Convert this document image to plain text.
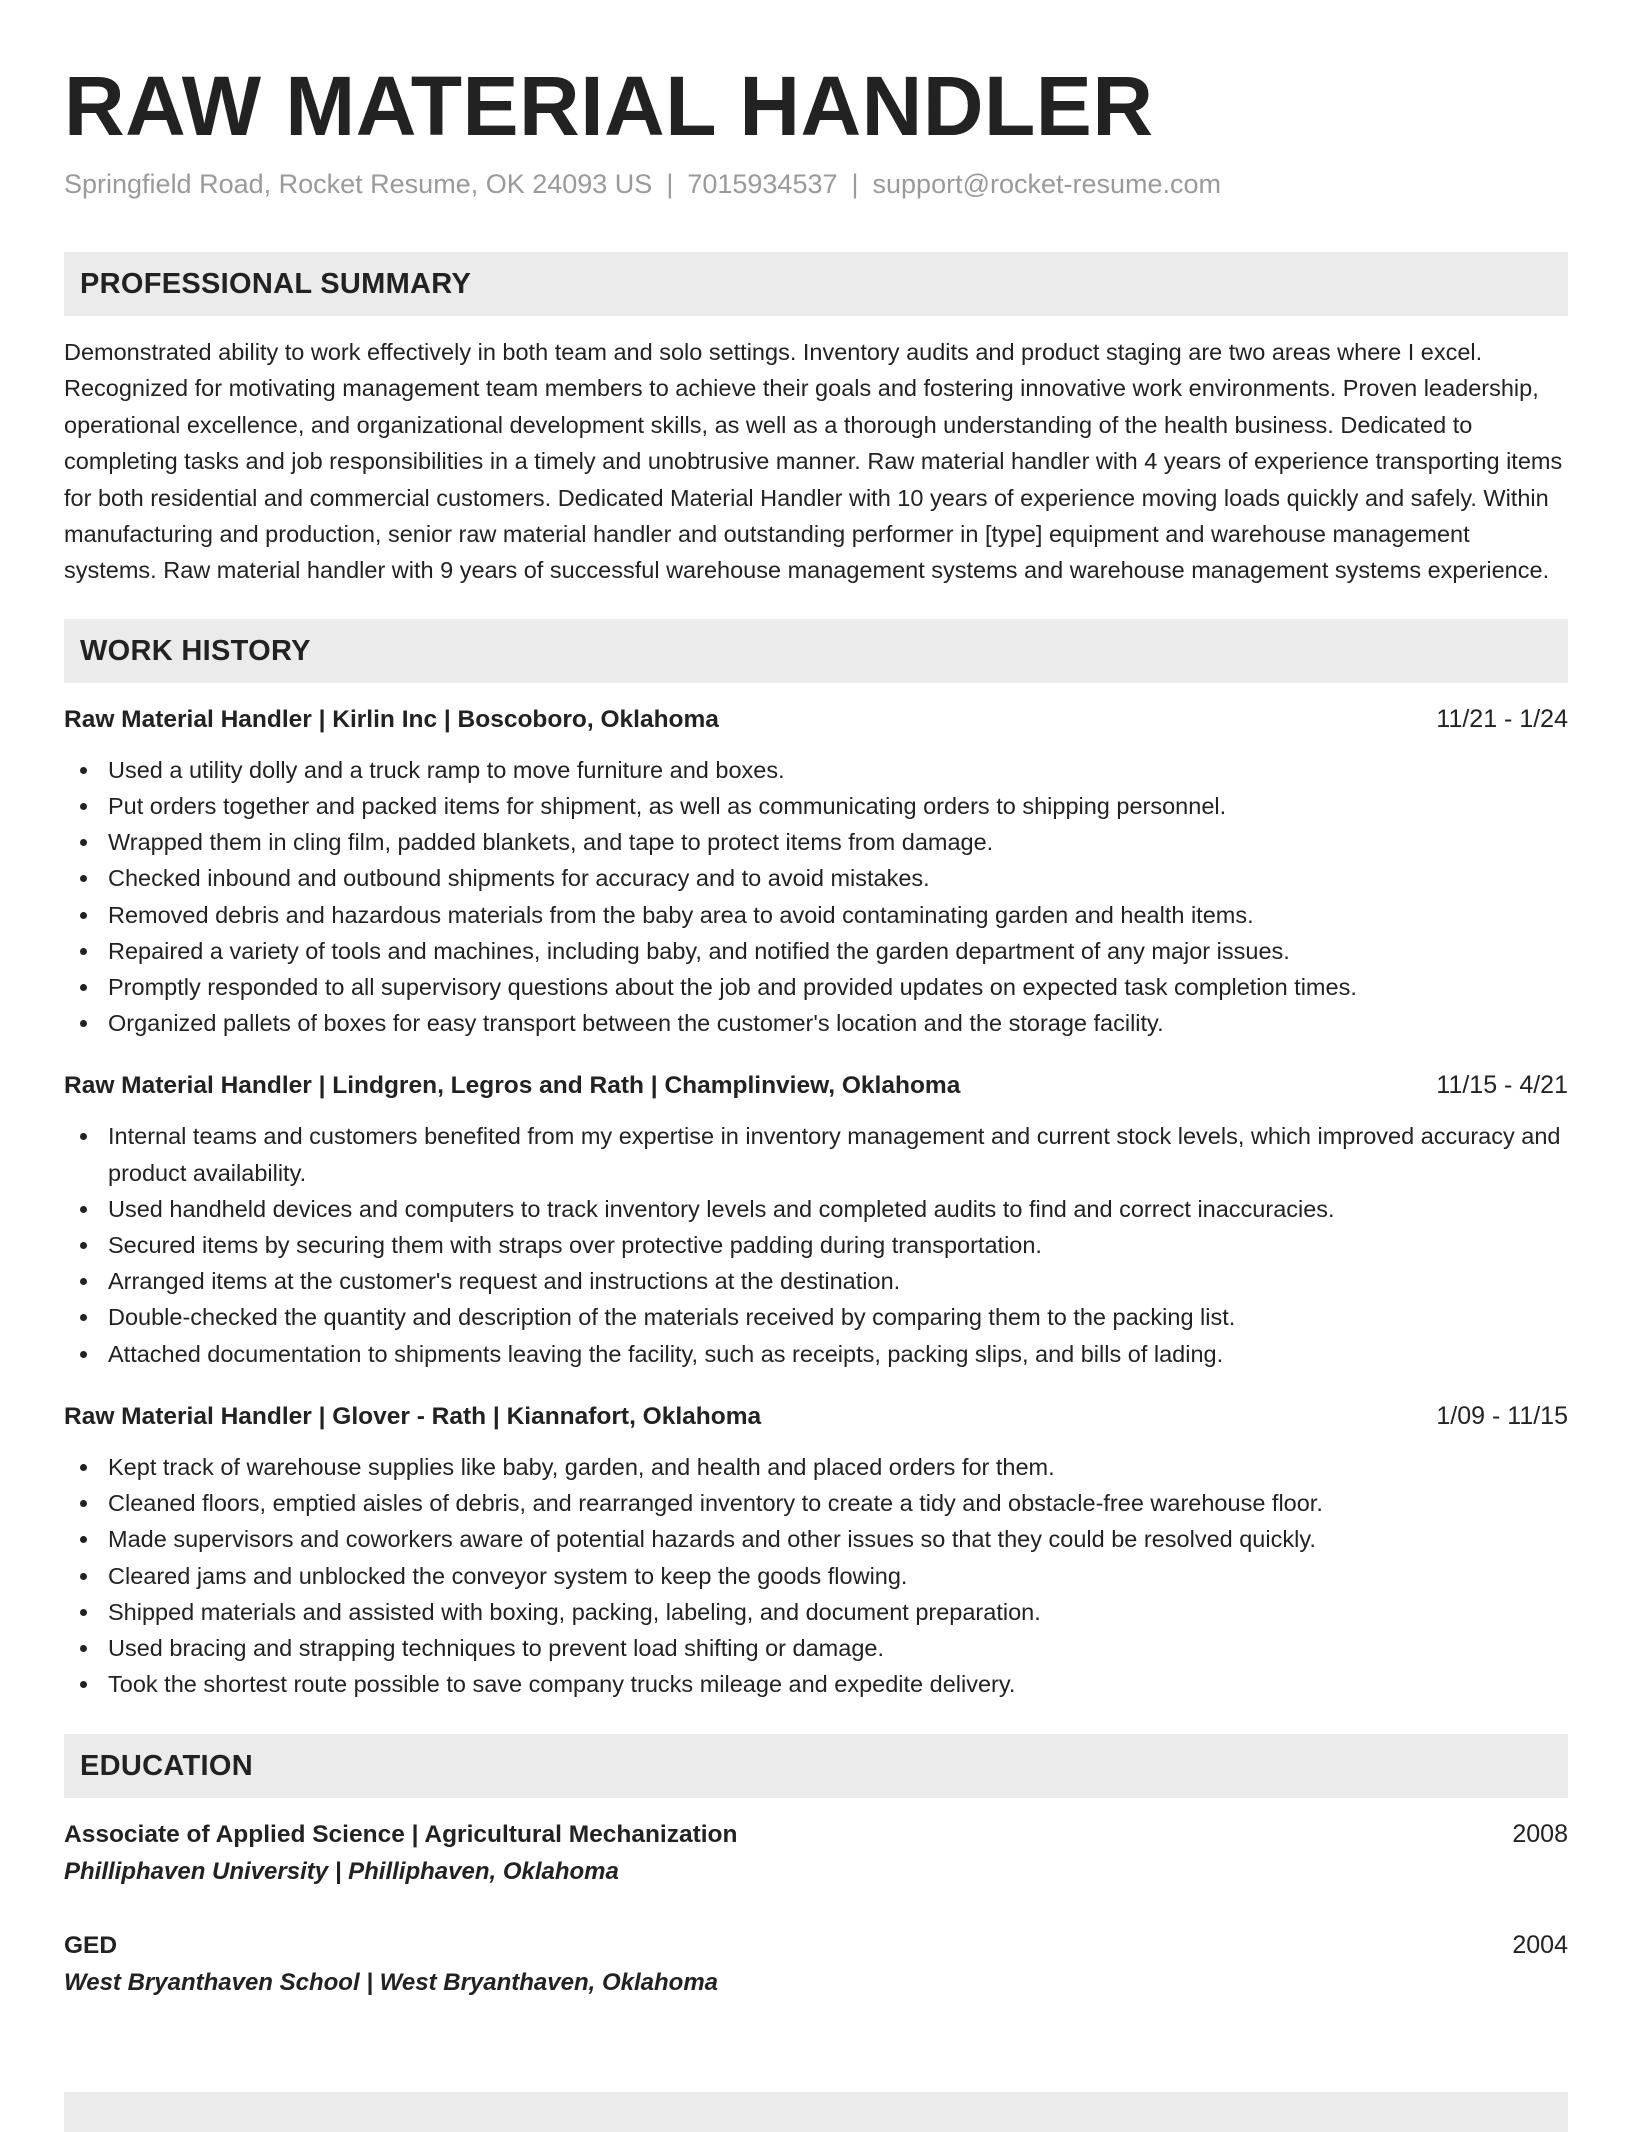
RAW MATERIAL HANDLER
Springfield Road, Rocket Resume, OK 24093 US | 7015934537 | support@rocket-resume.com
PROFESSIONAL SUMMARY
Demonstrated ability to work effectively in both team and solo settings. Inventory audits and product staging are two areas where I excel. Recognized for motivating management team members to achieve their goals and fostering innovative work environments. Proven leadership, operational excellence, and organizational development skills, as well as a thorough understanding of the health business. Dedicated to completing tasks and job responsibilities in a timely and unobtrusive manner. Raw material handler with 4 years of experience transporting items for both residential and commercial customers. Dedicated Material Handler with 10 years of experience moving loads quickly and safely. Within manufacturing and production, senior raw material handler and outstanding performer in [type] equipment and warehouse management systems. Raw material handler with 9 years of successful warehouse management systems and warehouse management systems experience.
WORK HISTORY
Raw Material Handler | Kirlin Inc | Boscoboro, Oklahoma	11/21 - 1/24
Used a utility dolly and a truck ramp to move furniture and boxes.
Put orders together and packed items for shipment, as well as communicating orders to shipping personnel.
Wrapped them in cling film, padded blankets, and tape to protect items from damage.
Checked inbound and outbound shipments for accuracy and to avoid mistakes.
Removed debris and hazardous materials from the baby area to avoid contaminating garden and health items.
Repaired a variety of tools and machines, including baby, and notified the garden department of any major issues.
Promptly responded to all supervisory questions about the job and provided updates on expected task completion times.
Organized pallets of boxes for easy transport between the customer's location and the storage facility.
Raw Material Handler | Lindgren, Legros and Rath | Champlinview, Oklahoma	11/15 - 4/21
Internal teams and customers benefited from my expertise in inventory management and current stock levels, which improved accuracy and product availability.
Used handheld devices and computers to track inventory levels and completed audits to find and correct inaccuracies.
Secured items by securing them with straps over protective padding during transportation.
Arranged items at the customer's request and instructions at the destination.
Double-checked the quantity and description of the materials received by comparing them to the packing list.
Attached documentation to shipments leaving the facility, such as receipts, packing slips, and bills of lading.
Raw Material Handler | Glover - Rath | Kiannafort, Oklahoma	1/09 - 11/15
Kept track of warehouse supplies like baby, garden, and health and placed orders for them.
Cleaned floors, emptied aisles of debris, and rearranged inventory to create a tidy and obstacle-free warehouse floor.
Made supervisors and coworkers aware of potential hazards and other issues so that they could be resolved quickly.
Cleared jams and unblocked the conveyor system to keep the goods flowing.
Shipped materials and assisted with boxing, packing, labeling, and document preparation.
Used bracing and strapping techniques to prevent load shifting or damage.
Took the shortest route possible to save company trucks mileage and expedite delivery.
EDUCATION
Associate of Applied Science | Agricultural Mechanization	2008
Philliphaven University | Philliphaven, Oklahoma
GED	2004
West Bryanthaven School | West Bryanthaven, Oklahoma
